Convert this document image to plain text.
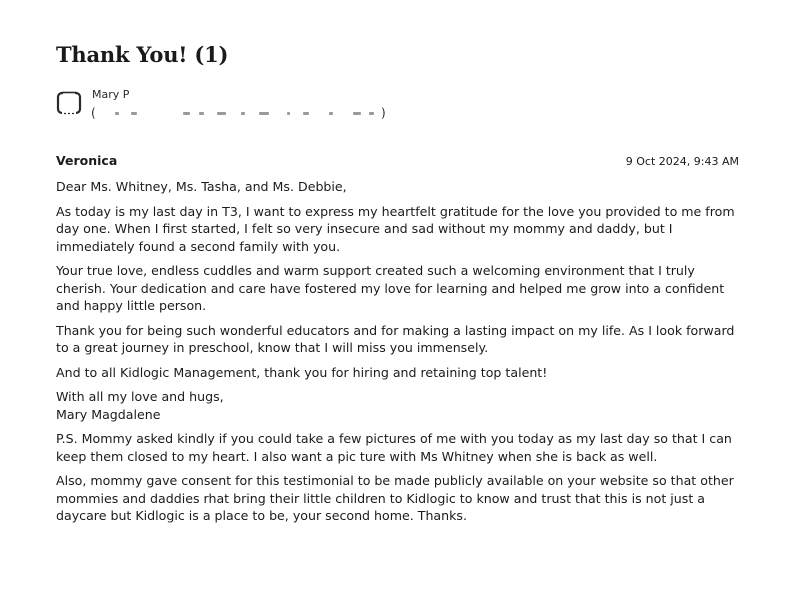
Thank You! (1)
Mary P
(	)
Veronica	9 Oct 2024, 9:43 AM

Dear Ms. Whitney, Ms. Tasha, and Ms. Debbie,

As today is my last day in T3, I want to express my heartfelt gratitude for the love you provided to me from day one. When I first started, I felt so very insecure and sad without my mommy and daddy, but I immediately found a second family with you.

Your true love, endless cuddles and warm support created such a welcoming environment that I truly cherish. Your dedication and care have fostered my love for learning and helped me grow into a confident and happy little person.

Thank you for being such wonderful educators and for making a lasting impact on my life. As I look forward to a great journey in preschool, know that I will miss you immensely.

And to all Kidlogic Management, thank you for hiring and retaining top talent!

With all my love and hugs,
Mary Magdalene

P.S. Mommy asked kindly if you could take a few pictures of me with you today as my last day so that I can keep them closed to my heart. I also want a pic ture with Ms Whitney when she is back as well.

Also, mommy gave consent for this testimonial to be made publicly available on your website so that other mommies and daddies rhat bring their little children to Kidlogic to know and trust that this is not just a daycare but Kidlogic is a place to be, your second home. Thanks.
